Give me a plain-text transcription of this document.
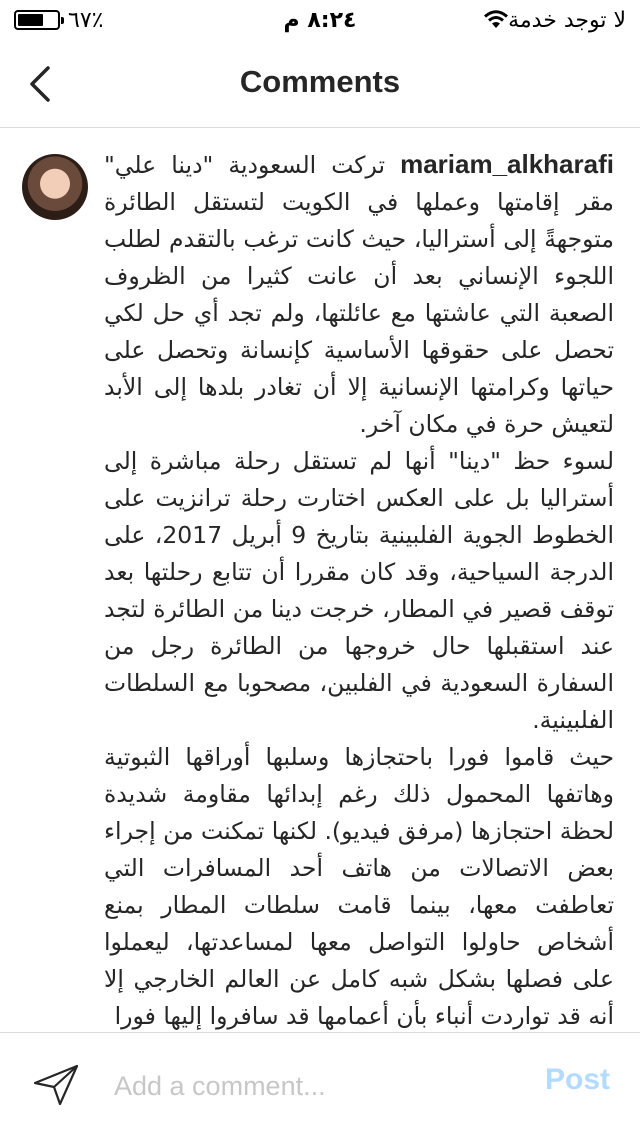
٦٧٪	٨:٢٤ م	لا توجد خدمة
Comments
mariam_alkharafi تركت السعودية "دينا علي" مقر إقامتها وعملها في الكويت لتستقل الطائرة متوجهةً إلى أستراليا، حيث كانت ترغب بالتقدم لطلب اللجوء الإنساني بعد أن عانت كثيرا من الظروف الصعبة التي عاشتها مع عائلتها، ولم تجد أي حل لكي تحصل على حقوقها الأساسية كإنسانة وتحصل على حياتها وكرامتها الإنسانية إلا أن تغادر بلدها إلى الأبد لتعيش حرة في مكان آخر.
لسوء حظ "دينا" أنها لم تستقل رحلة مباشرة إلى أستراليا بل على العكس اختارت رحلة ترانزيت على الخطوط الجوية الفلبينية بتاريخ 9 أبريل 2017، على الدرجة السياحية، وقد كان مقررا أن تتابع رحلتها بعد توقف قصير في المطار، خرجت دينا من الطائرة لتجد عند استقبلها حال خروجها من الطائرة رجل من السفارة السعودية في الفلبين، مصحوبا مع السلطات الفلبينية.
حيث قاموا فورا باحتجازها وسلبها أوراقها الثبوتية وهاتفها المحمول ذلك رغم إبدائها مقاومة شديدة لحظة احتجازها (مرفق فيديو). لكنها تمكنت من إجراء بعض الاتصالات من هاتف أحد المسافرات التي تعاطفت معها، بينما قامت سلطات المطار بمنع أشخاص حاولوا التواصل معها لمساعدتها، ليعملوا على فصلها بشكل شبه كامل عن العالم الخارجي إلا أنه قد تواردت أنباء بأن أعمامها قد سافروا إليها فورا
Add a comment...
Post
